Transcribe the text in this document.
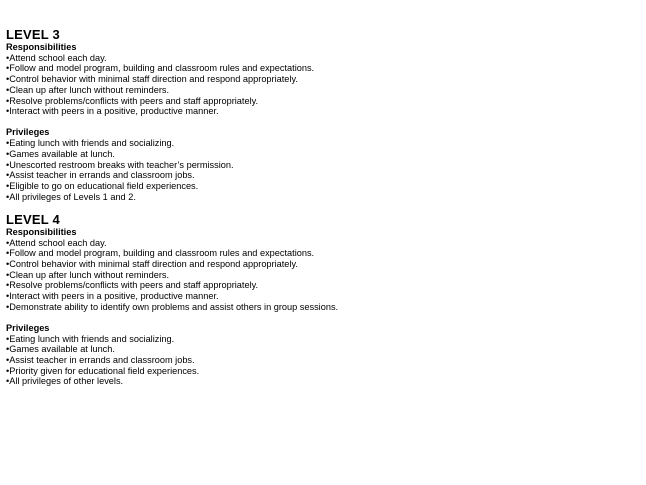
LEVEL 3
Responsibilities
•Attend school each day.
•Follow and model program, building and classroom rules and expectations.
•Control behavior with minimal staff direction and respond appropriately.
•Clean up after lunch without reminders.
•Resolve problems/conflicts with peers and staff appropriately.
•Interact with peers in a positive, productive manner.
Privileges
•Eating lunch with friends and socializing.
•Games available at lunch.
•Unescorted restroom breaks with teacher’s permission.
•Assist teacher in errands and classroom jobs.
•Eligible to go on educational field experiences.
•All privileges of Levels 1 and 2.
LEVEL 4
Responsibilities
•Attend school each day.
•Follow and model program, building and classroom rules and expectations.
•Control behavior with minimal staff direction and respond appropriately.
•Clean up after lunch without reminders.
•Resolve problems/conflicts with peers and staff appropriately.
•Interact with peers in a positive, productive manner.
•Demonstrate ability to identify own problems and assist others in group sessions.
Privileges
•Eating lunch with friends and socializing.
•Games available at lunch.
•Assist teacher in errands and classroom jobs.
•Priority given for educational field experiences.
•All privileges of other levels.
